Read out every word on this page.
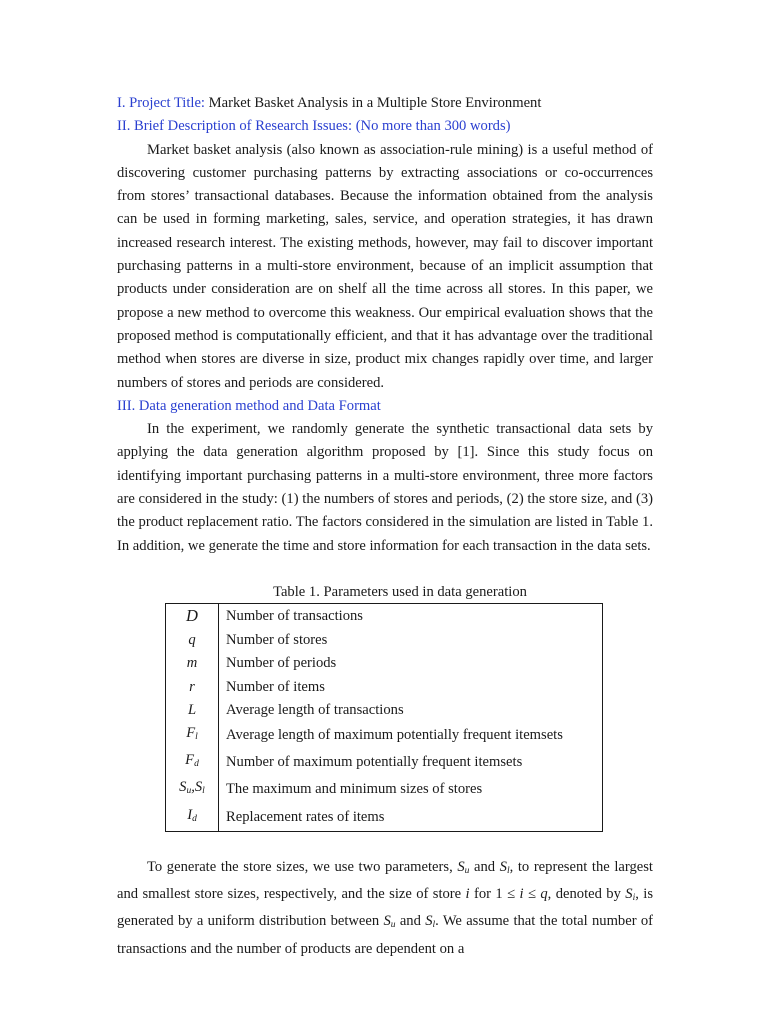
I. Project Title: Market Basket Analysis in a Multiple Store Environment
II. Brief Description of Research Issues: (No more than 300 words)

Market basket analysis (also known as association-rule mining) is a useful method of discovering customer purchasing patterns by extracting associations or co-occurrences from stores’ transactional databases. Because the information obtained from the analysis can be used in forming marketing, sales, service, and operation strategies, it has drawn increased research interest. The existing methods, however, may fail to discover important purchasing patterns in a multi-store environment, because of an implicit assumption that products under consideration are on shelf all the time across all stores. In this paper, we propose a new method to overcome this weakness. Our empirical evaluation shows that the proposed method is computationally efficient, and that it has advantage over the traditional method when stores are diverse in size, product mix changes rapidly over time, and larger numbers of stores and periods are considered.

III. Data generation method and Data Format

In the experiment, we randomly generate the synthetic transactional data sets by applying the data generation algorithm proposed by [1]. Since this study focus on identifying important purchasing patterns in a multi-store environment, three more factors are considered in the study: (1) the numbers of stores and periods, (2) the store size, and (3) the product replacement ratio. The factors considered in the simulation are listed in Table 1. In addition, we generate the time and store information for each transaction in the data sets.

Table 1. Parameters used in data generation
D	Number of transactions
q	Number of stores
m	Number of periods
r	Number of items
L	Average length of transactions
$F_l$	Average length of maximum potentially frequent itemsets
$F_d$	Number of maximum potentially frequent itemsets
$S_u,S_l$	The maximum and minimum sizes of stores
$I_d$	Replacement rates of items

To generate the store sizes, we use two parameters, $S_u$ and $S_l$, to represent the largest and smallest store sizes, respectively, and the size of store i for 1 ≤ i ≤ q, denoted by $S_i$, is generated by a uniform distribution between $S_u$ and $S_l$. We assume that the total number of transactions and the number of products are dependent on a
